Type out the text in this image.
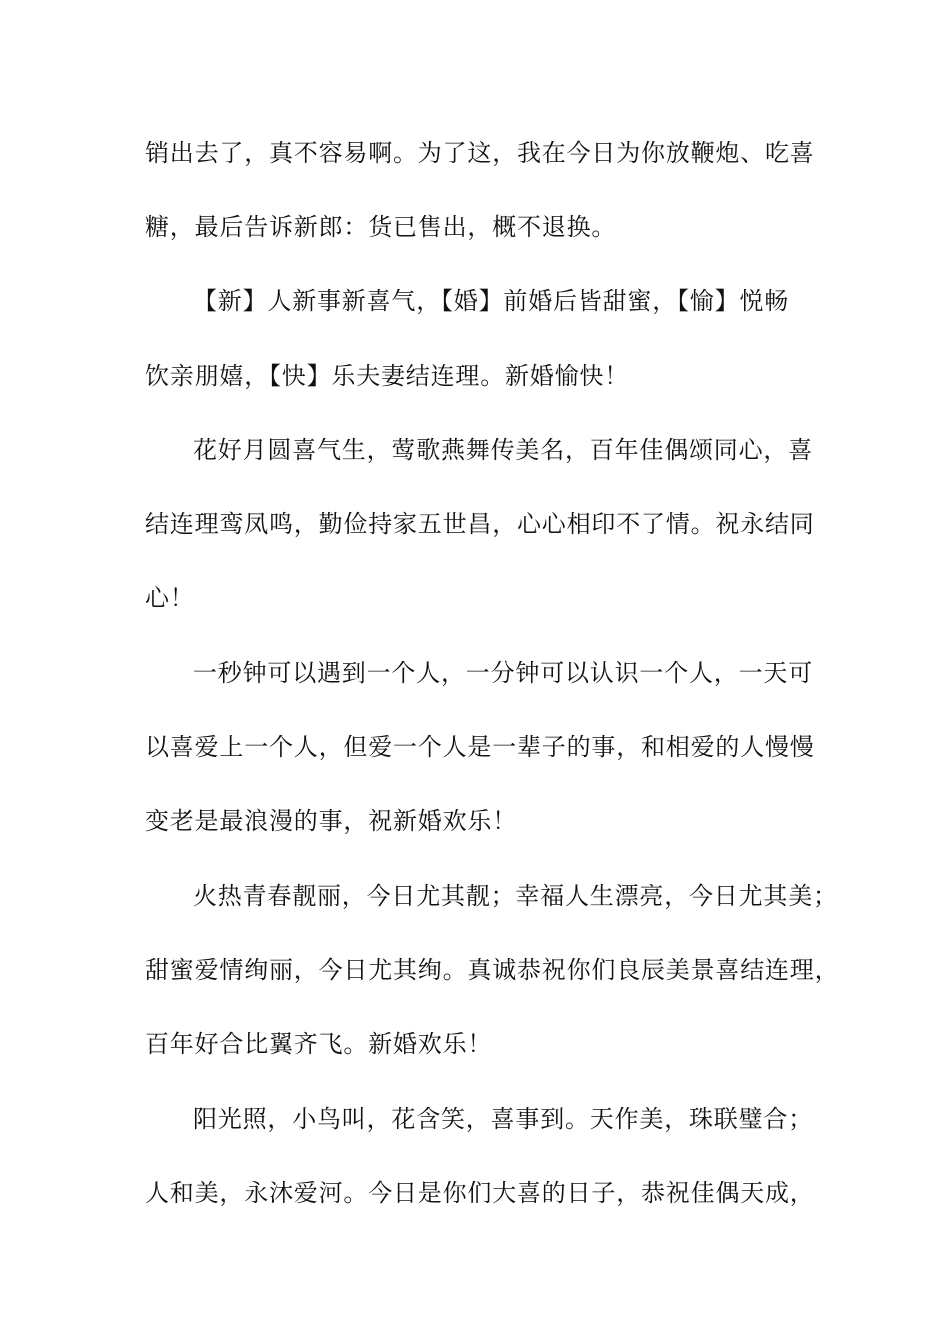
销出去了，真不容易啊。为了这，我在今日为你放鞭炮、吃喜
糖，最后告诉新郎：货已售出，概不退换。
【新】人新事新喜气，【婚】前婚后皆甜蜜，【愉】悦畅
饮亲朋嬉，【快】乐夫妻结连理。新婚愉快！
花好月圆喜气生，莺歌燕舞传美名，百年佳偶颂同心，喜
结连理鸾凤鸣，勤俭持家五世昌，心心相印不了情。祝永结同
心！
一秒钟可以遇到一个人，一分钟可以认识一个人，一天可
以喜爱上一个人，但爱一个人是一辈子的事，和相爱的人慢慢
变老是最浪漫的事，祝新婚欢乐！
火热青春靓丽，今日尤其靓；幸福人生漂亮，今日尤其美；
甜蜜爱情绚丽，今日尤其绚。真诚恭祝你们良辰美景喜结连理，
百年好合比翼齐飞。新婚欢乐！
阳光照，小鸟叫，花含笑，喜事到。天作美，珠联璧合；
人和美，永沐爱河。今日是你们大喜的日子，恭祝佳偶天成，
